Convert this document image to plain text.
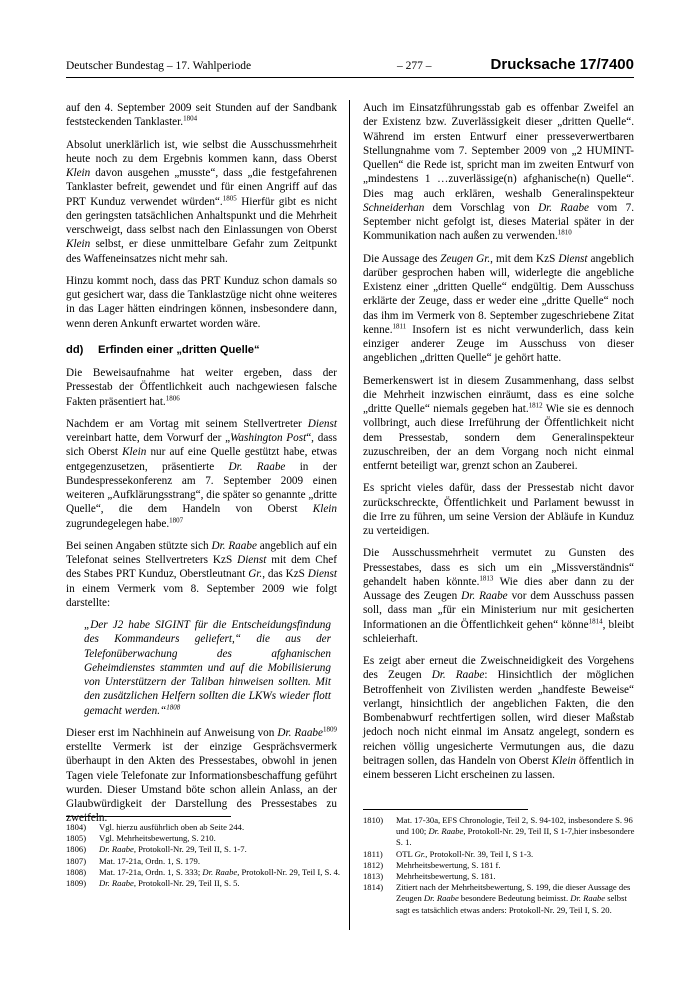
Deutscher Bundestag – 17. Wahlperiode	– 277 –	Drucksache 17/7400

auf den 4. September 2009 seit Stunden auf der Sandbank feststeckenden Tanklaster.$^{1804}$

Absolut unerklärlich ist, wie selbst die Ausschussmehrheit heute noch zu dem Ergebnis kommen kann, dass Oberst Klein davon ausgehen „musste“, dass „die festgefahrenen Tanklaster befreit, gewendet und für einen Angriff auf das PRT Kunduz verwendet würden“.$^{1805}$ Hierfür gibt es nicht den geringsten tatsächlichen Anhaltspunkt und die Mehrheit verschweigt, dass selbst nach den Einlassungen von Oberst Klein selbst, er diese unmittelbare Gefahr zum Zeitpunkt des Waffeneinsatzes nicht mehr sah.

Hinzu kommt noch, dass das PRT Kunduz schon damals so gut gesichert war, dass die Tanklastzüge nicht ohne weiteres in das Lager hätten eindringen können, insbesondere dann, wenn deren Ankunft erwartet worden wäre.

dd) Erfinden einer „dritten Quelle“

Die Beweisaufnahme hat weiter ergeben, dass der Pressestab der Öffentlichkeit auch nachgewiesen falsche Fakten präsentiert hat.$^{1806}$

Nachdem er am Vortag mit seinem Stellvertreter Dienst vereinbart hatte, dem Vorwurf der „Washington Post“, dass sich Oberst Klein nur auf eine Quelle gestützt habe, etwas entgegenzusetzen, präsentierte Dr. Raabe in der Bundespressekonferenz am 7. September 2009 einen weiteren „Aufklärungsstrang“, die später so genannte „dritte Quelle“, die dem Handeln von Oberst Klein zugrundegelegen habe.$^{1807}$

Bei seinen Angaben stützte sich Dr. Raabe angeblich auf ein Telefonat seines Stellvertreters KzS Dienst mit dem Chef des Stabes PRT Kunduz, Oberstleutnant Gr., das KzS Dienst in einem Vermerk vom 8. September 2009 wie folgt darstellte:

„Der J2 habe SIGINT für die Entscheidungsfindung des Kommandeurs geliefert,“ die aus der Telefonüberwachung des afghanischen Geheimdienstes stammten und auf die Mobilisierung von Unterstützern der Taliban hinweisen sollten. Mit den zusätzlichen Helfern sollten die LKWs wieder flott gemacht werden.“$^{1808}$

Dieser erst im Nachhinein auf Anweisung von Dr. Raabe$^{1809}$ erstellte Vermerk ist der einzige Gesprächsvermerk überhaupt in den Akten des Pressestabes, obwohl in jenen Tagen viele Telefonate zur Informationsbeschaffung geführt wurden. Dieser Umstand böte schon allein Anlass, an der Glaubwürdigkeit der Darstellung des Pressestabes zu zweifeln.

Auch im Einsatzführungsstab gab es offenbar Zweifel an der Existenz bzw. Zuverlässigkeit dieser „dritten Quelle“. Während im ersten Entwurf einer presseverwertbaren Stellungnahme vom 7. September 2009 von „2 HUMINT-Quellen“ die Rede ist, spricht man im zweiten Entwurf von „mindestens 1 …zuverlässige(n) afghanische(n) Quelle“. Dies mag auch erklären, weshalb Generalinspekteur Schneiderhan dem Vorschlag von Dr. Raabe vom 7. September nicht gefolgt ist, dieses Material später in der Kommunikation nach außen zu verwenden.$^{1810}$

Die Aussage des Zeugen Gr., mit dem KzS Dienst angeblich darüber gesprochen haben will, widerlegte die angebliche Existenz einer „dritten Quelle“ endgültig. Dem Ausschuss erklärte der Zeuge, dass er weder eine „dritte Quelle“ noch das ihm im Vermerk von 8. September zugeschriebene Zitat kenne.$^{1811}$ Insofern ist es nicht verwunderlich, dass kein einziger anderer Zeuge im Ausschuss von dieser angeblichen „dritten Quelle“ je gehört hatte.

Bemerkenswert ist in diesem Zusammenhang, dass selbst die Mehrheit inzwischen einräumt, dass es eine solche „dritte Quelle“ niemals gegeben hat.$^{1812}$ Wie sie es dennoch vollbringt, auch diese Irreführung der Öffentlichkeit nicht dem Pressestab, sondern dem Generalinspekteur zuzuschreiben, der an dem Vorgang noch nicht einmal entfernt beteiligt war, grenzt schon an Zauberei.

Es spricht vieles dafür, dass der Pressestab nicht davor zurückschreckte, Öffentlichkeit und Parlament bewusst in die Irre zu führen, um seine Version der Abläufe in Kunduz zu verteidigen.

Die Ausschussmehrheit vermutet zu Gunsten des Pressestabes, dass es sich um ein „Missverständnis“ gehandelt haben könnte.$^{1813}$ Wie dies aber dann zu der Aussage des Zeugen Dr. Raabe vor dem Ausschuss passen soll, dass man „für ein Ministerium nur mit gesicherten Informationen an die Öffentlichkeit gehen“ könne$^{1814}$, bleibt schleierhaft.

Es zeigt aber erneut die Zweischneidigkeit des Vorgehens des Zeugen Dr. Raabe: Hinsichtlich der möglichen Betroffenheit von Zivilisten werden „handfeste Beweise“ verlangt, hinsichtlich der angeblichen Fakten, die den Bombenabwurf rechtfertigen sollen, wird dieser Maßstab jedoch noch nicht einmal im Ansatz angelegt, sondern es reichen völlig ungesicherte Vermutungen aus, die dazu beitragen sollen, das Handeln von Oberst Klein öffentlich in einem besseren Licht erscheinen zu lassen.

1804)	Vgl. hierzu ausführlich oben ab Seite 244.
1805)	Vgl. Mehrheitsbewertung, S. 210.
1806)	Dr. Raabe, Protokoll-Nr. 29, Teil II, S. 1-7.
1807)	Mat. 17-21a, Ordn. 1, S. 179.
1808)	Mat. 17-21a, Ordn. 1, S. 333; Dr. Raabe, Protokoll-Nr. 29, Teil I, S. 4.
1809)	Dr. Raabe, Protokoll-Nr. 29, Teil II, S. 5.
1810)	Mat. 17-30a, EFS Chronologie, Teil 2, S. 94-102, insbesondere S. 96 und 100; Dr. Raabe, Protokoll-Nr. 29, Teil II, S 1-7,hier insbesondere S. 1.
1811)	OTL Gr., Protokoll-Nr. 39, Teil I, S 1-3.
1812)	Mehrheitsbewertung, S. 181 f.
1813)	Mehrheitsbewertung, S. 181.
1814)	Zitiert nach der Mehrheitsbewertung, S. 199, die dieser Aussage des Zeugen Dr. Raabe besondere Bedeutung beimisst. Dr. Raabe selbst sagt es tatsächlich etwas anders: Protokoll-Nr. 29, Teil I, S. 20.
